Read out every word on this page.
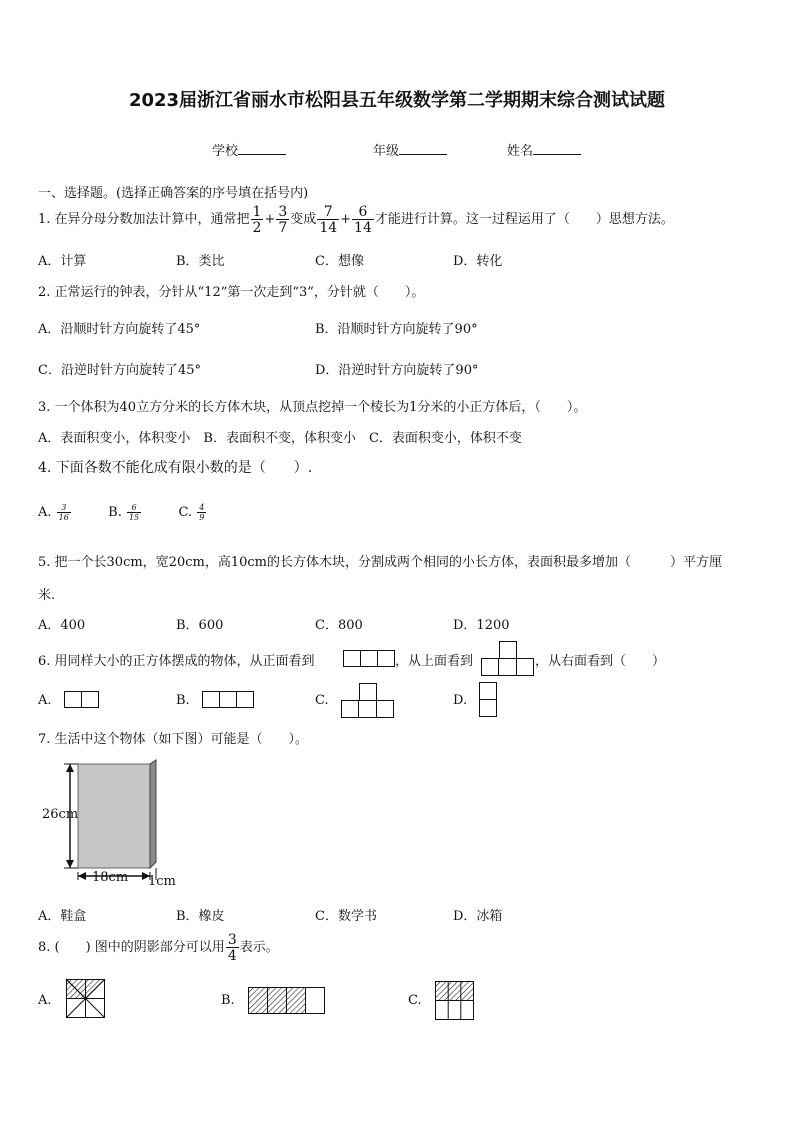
2023届浙江省丽水市松阳县五年级数学第二学期期末综合测试试题
学校	年级	姓名
一、选择题。(选择正确答案的序号填在括号内)
1. 在异分母分数加法计算中，通常把 $\frac{1}{2} + \frac{3}{7}$ 变成 $\frac{7}{14} + \frac{6}{14}$ 才能进行计算。这一过程运用了（　　）思想方法。
A．计算	B．类比	C．想像	D．转化
2. 正常运行的钟表，分针从“12”第一次走到“3”，分针就（　　）。
A．沿顺时针方向旋转了45°	B．沿顺时针方向旋转了90°
C．沿逆时针方向旋转了45°	D．沿逆时针方向旋转了90°
3. 一个体积为40立方分米的长方体木块，从顶点挖掉一个棱长为1分米的小正方体后，（　　）。
A．表面积变小，体积变小　B．表面积不变，体积变小　C．表面积变小，体积不变
4. 下面各数不能化成有限小数的是（　　）.
A. $\frac{3}{16}$	B. $\frac{6}{15}$	C. $\frac{4}{9}$
5. 把一个长30cm，宽20cm，高10cm的长方体木块，分割成两个相同的小长方体，表面积最多增加（　　　）平方厘
米.
A．400	B．600	C．800	D．1200
6. 用同样大小的正方体摆成的物体，从正面看到	，从上面看到	，从右面看到（　　）
A.	B.	C.	D.
7. 生活中这个物体（如下图）可能是（　　）。
26cm
18cm 1cm
A．鞋盒	B．橡皮	C．数学书	D．冰箱
8. (　　) 图中的阴影部分可以用 $\frac{3}{4}$ 表示。
A.	B.	C.
